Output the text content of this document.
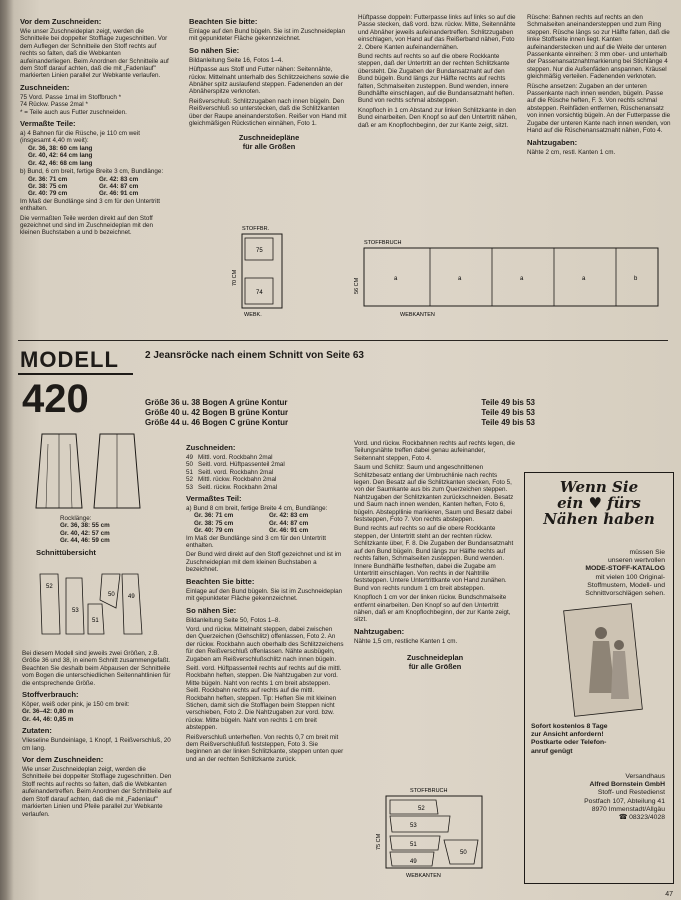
Vor dem Zuschneiden:

Wie unser Zuschneideplan zeigt, werden die Schnitteile bei doppelter Stofflage zugeschnitten. Vor dem Auflegen der Schnitteile den Stoff rechts auf rechts so falten, daß die Webkanten aufeinanderliegen. Beim Anordnen der Schnitteile auf dem Stoff darauf achten, daß die mit „Fadenlauf" markierten Linien parallel zur Webkante verlaufen.

Zuschneiden:

75 Vord. Passe 1mal im Stoffbruch *

74 Rückw. Passe 2mal *

* = Teile auch aus Futter zuschneiden.

Vermaßte Teile:

a) 4 Bahnen für die Rüsche, je 110 cm weit (insgesamt 4,40 m weit):

Gr. 36, 38: 60 cm lang

Gr. 40, 42: 64 cm lang

Gr. 42, 46: 68 cm lang

b) Bund, 6 cm breit, fertige Breite 3 cm, Bundlänge:

Gr. 36: 71 cm	Gr. 42: 83 cm
Gr. 38: 75 cm	Gr. 44: 87 cm
Gr. 40: 79 cm	Gr. 46: 91 cm

Im Maß der Bundlänge sind 3 cm für den Untertritt enthalten.

Die vermaßten Teile werden direkt auf den Stoff gezeichnet und sind im Zuschneideplan mit den kleinen Buchstaben a und b bezeichnet.

Beachten Sie bitte:

Einlage auf den Bund bügeln. Sie ist im Zuschneideplan mit gepunkteter Fläche gekennzeichnet.

So nähen Sie:

Bildanleitung Seite 16, Fotos 1–4.

Hüftpasse aus Stoff und Futter nähen: Seitennähte, rückw. Mittelnaht unterhalb des Schlitzzeichens sowie die Abnäher spitz auslaufend steppen. Fadenenden an der Abnäherspitze verknoten.

Reißverschluß: Schlitzzugaben nach innen bügeln. Den Reißverschluß so unterstecken, daß die Schlitzkanten über der Raupe aneinanderstoßen. Reißer von Hand mit gleichmäßigen Rückstichen einnähen, Foto 1.

Zuschneidepläne
für alle Größen
STOFFBR.
75
74
70 CM
WEBK.

Hüftpasse doppeln: Futterpasse links auf links so auf die Passe stecken, daß vord. bzw. rückw. Mitte, Seitennähte und Abnäher jeweils aufeinandertreffen. Schlitzzugaben einschlagen, von Hand auf das Reißerband nähen, Foto 2. Obere Kanten aufeinandernähen.

Bund rechts auf rechts so auf die obere Rockkante steppen, daß der Untertritt an der rechten Schlitzkante übersteht. Die Zugaben der Bundansatznaht auf den Bund bügeln. Bund längs zur Hälfte rechts auf rechts falten, Schmalseiten zusteppen. Bund wenden, innere Bundhälfte einschlagen, auf die Bundansatznaht heften. Bund von rechts schmal absteppen.

Knopfloch in 1 cm Abstand zur linken Schlitzkante in den Bund einarbeiten. Den Knopf so auf den Untertritt nähen, daß er am Knopflochbeginn, der zur Kante zeigt, sitzt.

Rüsche: Bahnen rechts auf rechts an den Schmalseiten aneinandersteppen und zum Ring steppen. Rüsche längs so zur Hälfte falten, daß die linke Stoffseite innen liegt. Kanten aufeinanderstecken und auf die Weite der unteren Passenkante einreihen: 3 mm ober- und unterhalb der Passenansatznahtmarkierung bei Stichlänge 4 steppen. Nur die Außenfäden anspannen. Kräusel gleichmäßig verteilen. Fadenenden verknoten.

Rüsche ansetzen: Zugaben an der unteren Passenkante nach innen wenden, bügeln. Passe auf die Rüsche heften, F. 3. Von rechts schmal absteppen. Reihfäden entfernen, Rüschenansatz von innen vorsichtig bügeln. An der Futterpasse die Zugabe der unteren Kante nach innen wenden, von Hand auf die Rüschenansatznaht nähen, Foto 4.

Nahtzugaben:

Nähte 2 cm, restl. Kanten 1 cm.

STOFFBRUCH
a	a	a	a	b
56 CM
WEBKANTEN
MODELL
420
2 Jeansröcke nach einem Schnitt von Seite 63
Größe 36 u. 38 Bogen A grüne Kontur	Teile 49 bis 53
Größe 40 u. 42 Bogen B grüne Kontur	Teile 49 bis 53
Größe 44 u. 46 Bogen C grüne Kontur	Teile 49 bis 53

Rocklänge:

Gr. 36, 38: 55 cm

Gr. 40, 42: 57 cm

Gr. 44, 46: 59 cm

Schnittübersicht
52
49
50
53
51

Bei diesem Modell sind jeweils zwei Größen, z.B. Größe 36 und 38, in einem Schnitt zusammengefaßt. Beachten Sie deshalb beim Abpausen der Schnitteile vom Bogen die unterschiedlichen Seitennahtlinien für die entsprechende Größe.

Stoffverbrauch:

Köper, weiß oder pink, je 150 cm breit:

Gr. 36–42: 0,80 m

Gr. 44, 46: 0,85 m

Zutaten:

Vlieseline Bundeinlage, 1 Knopf, 1 Reißverschluß, 20 cm lang.

Vor dem Zuschneiden:

Wie unser Zuschneideplan zeigt, werden die Schnitteile bei doppelter Stofflage zugeschnitten. Den Stoff rechts auf rechts so falten, daß die Webkanten aufeinandertreffen. Beim Anordnen der Schnitteile auf dem Stoff darauf achten, daß die mit „Fadenlauf" markierten Linien und Pfeile parallel zur Webkante verlaufen.

Zuschneiden:
49 Mittl. vord. Rockbahn 2mal
50 Seitl. vord. Hüftpassenteil 2mal
51 Seitl. vord. Rockbahn 2mal
52 Mittl. rückw. Rockbahn 2mal
53 Seitl. rückw. Rockbahn 2mal
Vermaßtes Teil:

a) Bund 8 cm breit, fertige Breite 4 cm, Bundlänge:

Gr. 36: 71 cm	Gr. 42: 83 cm
Gr. 38: 75 cm	Gr. 44: 87 cm
Gr. 40: 79 cm	Gr. 46: 91 cm

Im Maß der Bundlänge sind 3 cm für den Untertritt enthalten.

Der Bund wird direkt auf den Stoff gezeichnet und ist im Zuschneideplan mit dem kleinen Buchstaben a bezeichnet.

Beachten Sie bitte:

Einlage auf den Bund bügeln. Sie ist im Zuschneideplan mit gepunkteter Fläche gekennzeichnet.

So nähen Sie:

Bildanleitung Seite 50, Fotos 1–8.

Vord. und rückw. Mittelnaht steppen, dabei zwischen den Querzeichen (Gehschlitz) offenlassen, Foto 2. An der rückw. Rockbahn auch oberhalb des Schlitzzeichens für den Reißverschluß offenlassen. Nähte ausbügeln, Zugaben am Reißverschlußschlitz nach innen bügeln.

Seitl. vord. Hüftpassenteil rechts auf rechts auf die mittl. Rockbahn heften, steppen. Die Nahtzugaben zur vord. Mitte bügeln. Naht von rechts 1 cm breit absteppen. Seitl. Rockbahn rechts auf rechts auf die mittl. Rockbahn heften, steppen. Tip: Heften Sie mit kleinen Stichen, damit sich die Stofflagen beim Steppen nicht verschieben, Foto 2. Die Nahtzugaben zur vord. bzw. rückw. Mitte bügeln. Naht von rechts 1 cm breit absteppen.

Reißverschluß unterheften. Von rechts 0,7 cm breit mit dem Reißverschlußfuß feststeppen, Foto 3. Sie beginnen an der linken Schlitzkante, steppen unten quer und an der rechten Schlitzkante zurück.

Vord. und rückw. Rockbahnen rechts auf rechts legen, die Teilungsnähte treffen dabei genau aufeinander, Seitennaht steppen, Foto 4.

Saum und Schlitz: Saum und angeschnittenen Schlitzbesatz entlang der Umbruchlinie nach rechts legen. Den Besatz auf die Schlitzkanten stecken, Foto 5, von der Saumkante aus bis zum Querzeichen steppen. Nahtzugaben der Schlitzkanten zurückschneiden. Besatz und Saum nach innen wenden, Kanten heften, Foto 6, bügeln. Absteppllinie markieren, Saum und Besatz dabei feststeppen, Foto 7. Von rechts absteppen.

Bund rechts auf rechts so auf die obere Rockkante steppen, der Untertritt steht an der rechten rückw. Schlitzkante über, F. 8. Die Zugaben der Bundansatznaht auf den Bund bügeln. Bund längs zur Hälfte rechts auf rechts falten, Schmalseiten zusteppen. Bund wenden. Innere Bundhälfte festheften, dabei die Zugabe am Untertritt einschlagen. Von rechts in der Nahtrille feststeppen. Untere Untertrittkante von Hand zunähen. Bund von rechts rundum 1 cm breit absteppen.

Knopfloch 1 cm vor der linken rückw. Bundschmalseite entfernt einarbeiten. Den Knopf so auf den Untertritt nähen, daß er am Knopflochbeginn, der zur Kante zeigt, sitzt.

Nahtzugaben:

Nähte 1,5 cm, restliche Kanten 1 cm.

Zuschneideplan
für alle Größen
STOFFBRUCH
52
53
51
49
50
75 CM
WEBKANTEN
Wenn Sie
ein ♥ fürs
Nähen haben
müssen Sie
unseren wertvollen
MODE-STOFF-KATALOG
mit vielen 100 Original-
Stoffmustern, Modell- und
Schnittvorschlägen sehen.
Sofort kostenlos 8 Tage
zur Ansicht anfordern!
Postkarte oder Telefon-
anruf genügt
Versandhaus
Alfred Bornstein GmbH
Stoff- und Restedienst
Postfach 107, Abteilung 41
8970 Immenstadt/Allgäu
☎ 08323/4028
47
